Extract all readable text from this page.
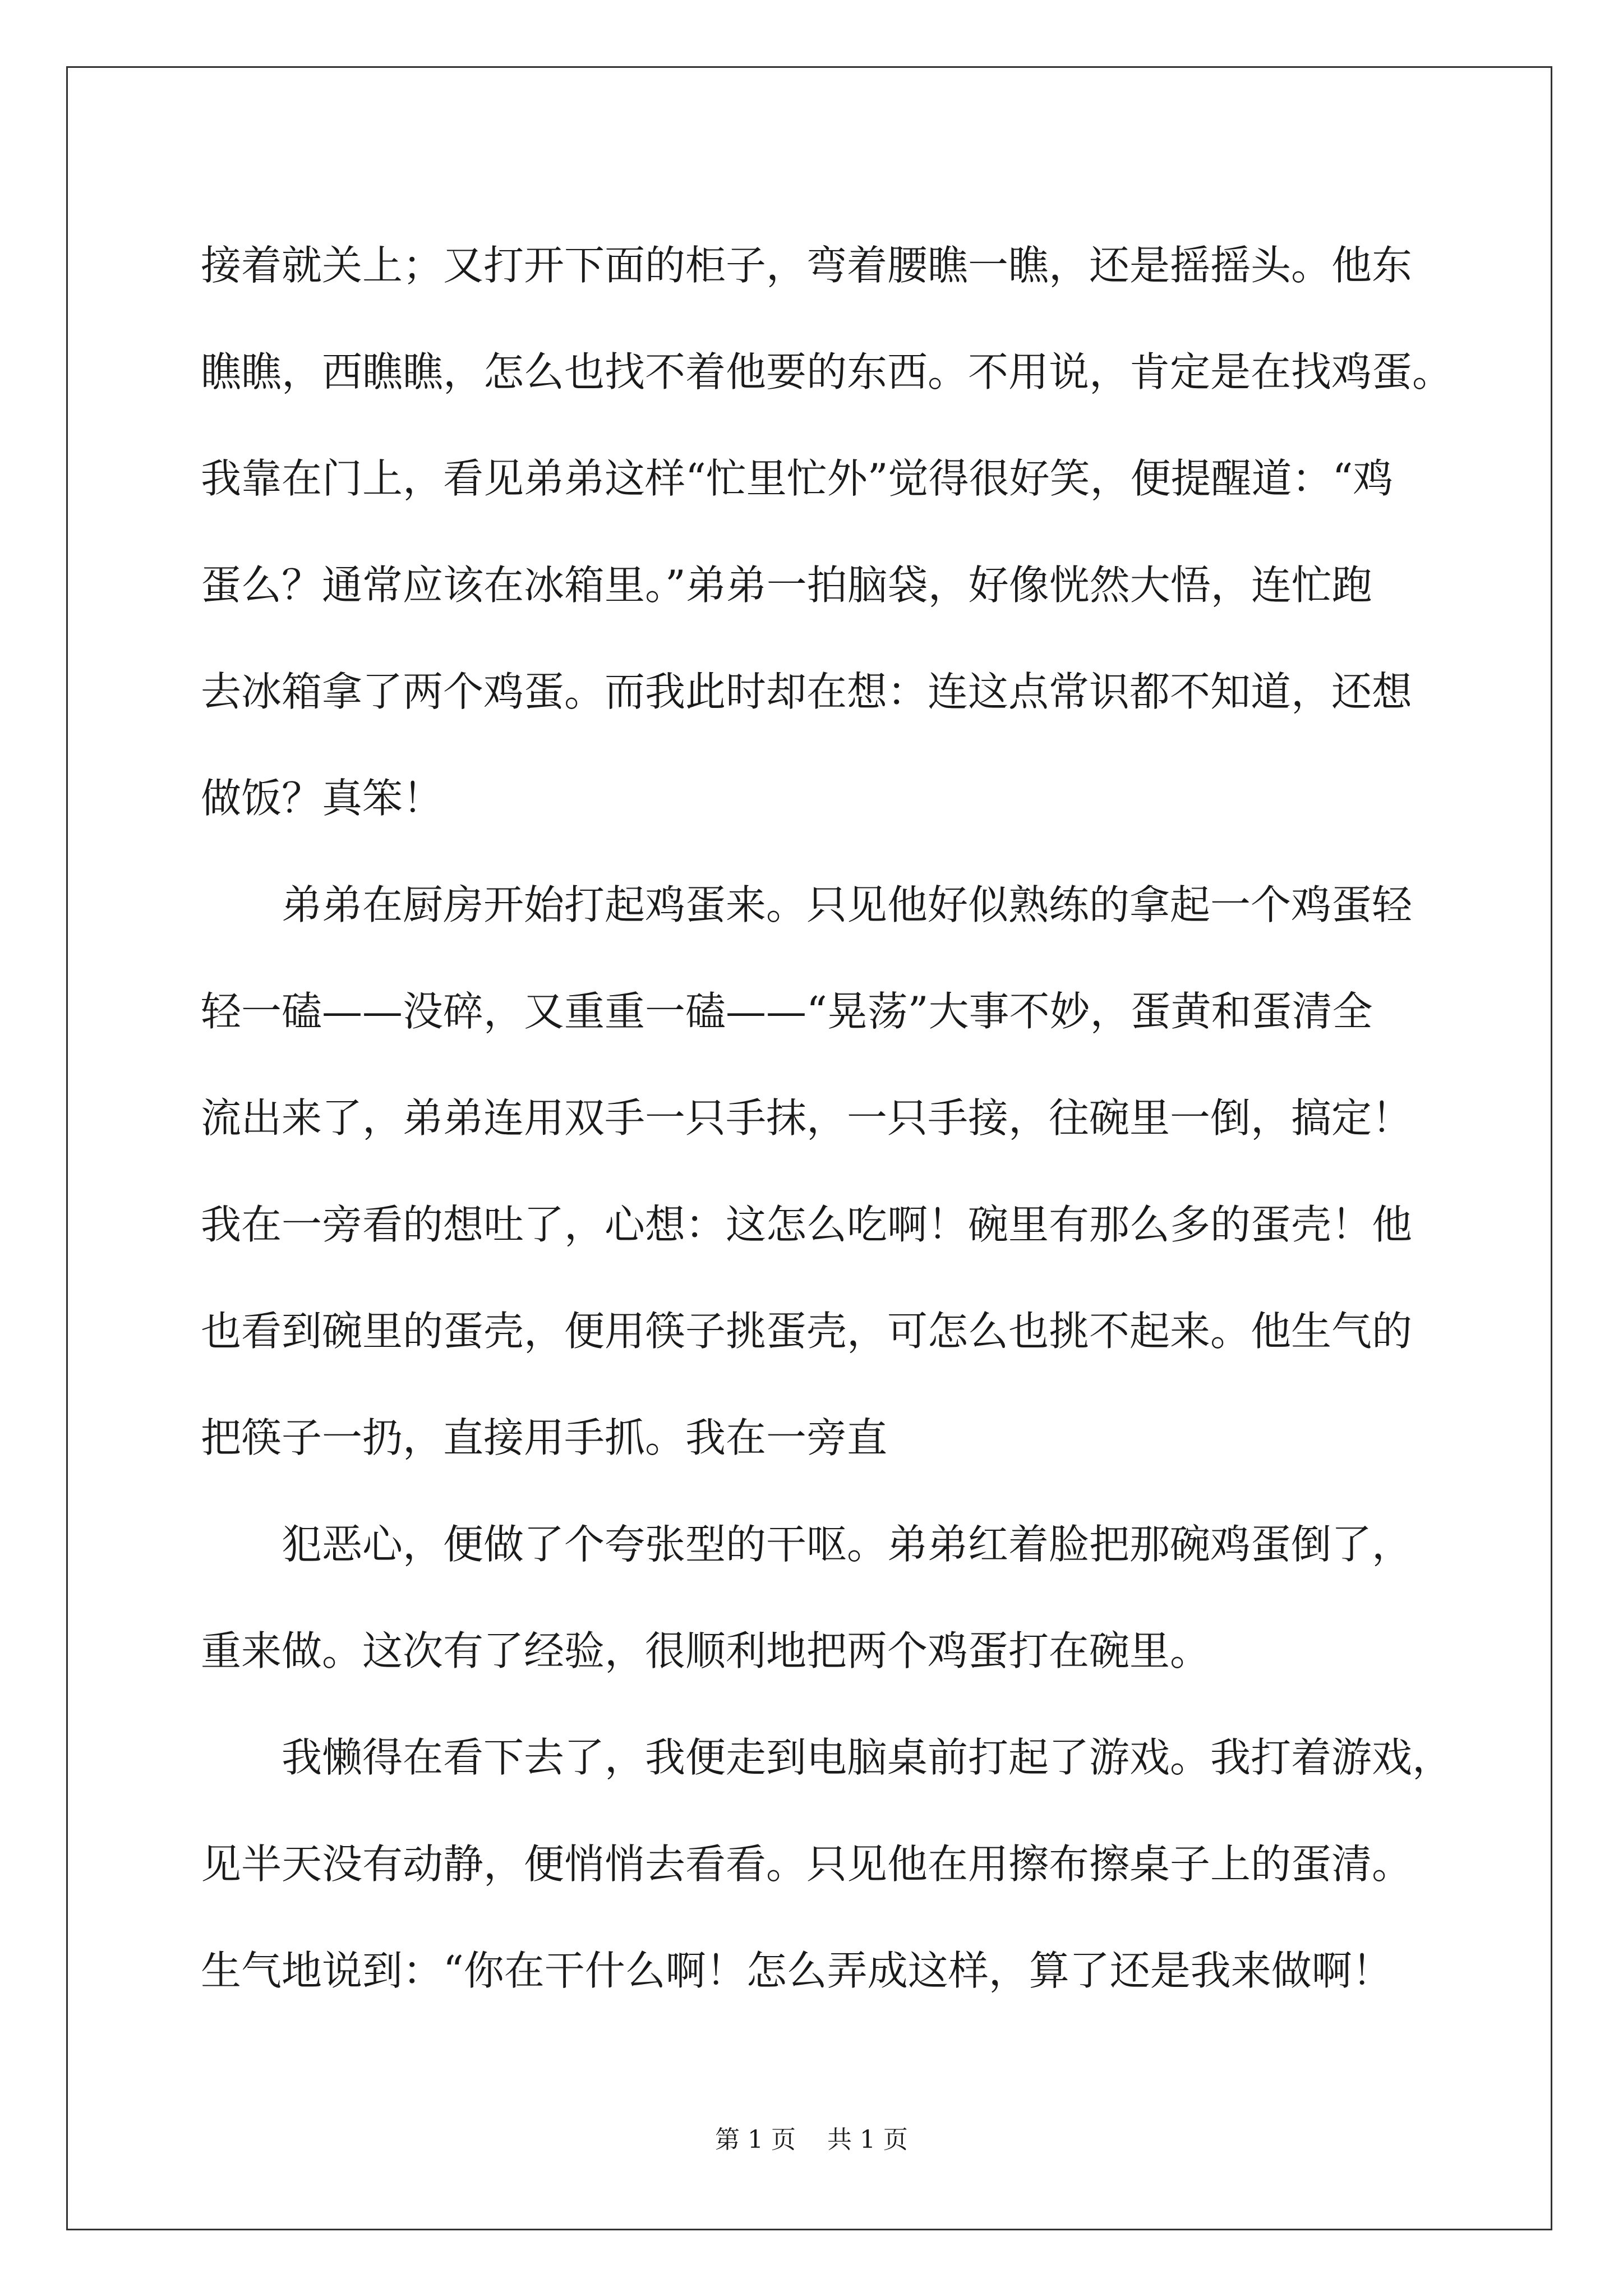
接着就关上；又打开下面的柜子，弯着腰瞧一瞧，还是摇摇头。他东
瞧瞧，西瞧瞧，怎么也找不着他要的东西。不用说，肯定是在找鸡蛋。
我靠在门上，看见弟弟这样“忙里忙外”觉得很好笑，便提醒道：“鸡
蛋么？通常应该在冰箱里。”弟弟一拍脑袋，好像恍然大悟，连忙跑
去冰箱拿了两个鸡蛋。而我此时却在想：连这点常识都不知道，还想
做饭？真笨！
弟弟在厨房开始打起鸡蛋来。只见他好似熟练的拿起一个鸡蛋轻
轻一磕——没碎，又重重一磕——“晃荡”大事不妙，蛋黄和蛋清全
流出来了，弟弟连用双手一只手抹，一只手接，往碗里一倒，搞定！
我在一旁看的想吐了，心想：这怎么吃啊！碗里有那么多的蛋壳！他
也看到碗里的蛋壳，便用筷子挑蛋壳，可怎么也挑不起来。他生气的
把筷子一扔，直接用手抓。我在一旁直
犯恶心，便做了个夸张型的干呕。弟弟红着脸把那碗鸡蛋倒了，
重来做。这次有了经验，很顺利地把两个鸡蛋打在碗里。
我懒得在看下去了，我便走到电脑桌前打起了游戏。我打着游戏，
见半天没有动静，便悄悄去看看。只见他在用擦布擦桌子上的蛋清。
生气地说到：“你在干什么啊！怎么弄成这样，算了还是我来做啊！
第 1 页    共 1 页
